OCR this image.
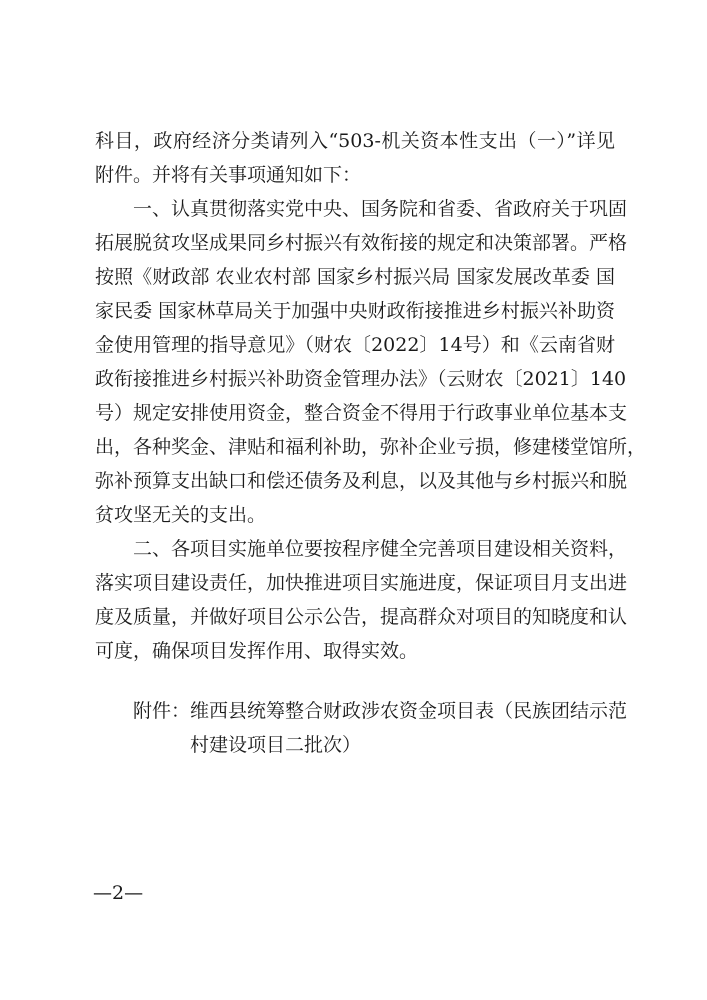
科目，政府经济分类请列入“503-机关资本性支出（一）”详见
附件。并将有关事项通知如下：
　　一、认真贯彻落实党中央、国务院和省委、省政府关于巩固
拓展脱贫攻坚成果同乡村振兴有效衔接的规定和决策部署。严格
按照《财政部 农业农村部 国家乡村振兴局 国家发展改革委 国
家民委 国家林草局关于加强中央财政衔接推进乡村振兴补助资
金使用管理的指导意见》（财农〔2022〕14号）和《云南省财
政衔接推进乡村振兴补助资金管理办法》（云财农〔2021〕140
号）规定安排使用资金，整合资金不得用于行政事业单位基本支
出，各种奖金、津贴和福利补助，弥补企业亏损，修建楼堂馆所，
弥补预算支出缺口和偿还债务及利息，以及其他与乡村振兴和脱
贫攻坚无关的支出。
　　二、各项目实施单位要按程序健全完善项目建设相关资料，
落实项目建设责任，加快推进项目实施进度，保证项目月支出进
度及质量，并做好项目公示公告，提高群众对项目的知晓度和认
可度，确保项目发挥作用、取得实效。
附件：维西县统筹整合财政涉农资金项目表（民族团结示范
村建设项目二批次）
—2—
